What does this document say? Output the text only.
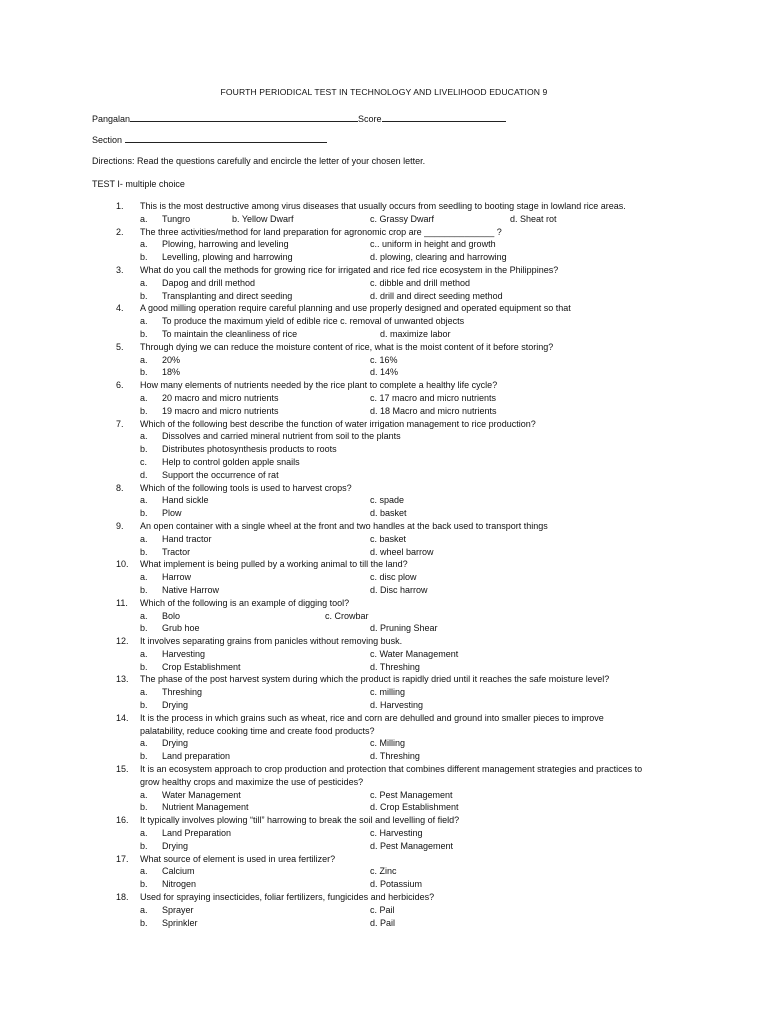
FOURTH PERIODICAL TEST IN TECHNOLOGY AND LIVELIHOOD EDUCATION 9
Pangalan	Score
Section
Directions: Read the questions carefully and encircle the letter of your chosen letter.
TEST I- multiple choice
1. This is the most destructive among virus diseases that usually occurs from seedling to booting stage in lowland rice areas.
a. Tungro	b. Yellow Dwarf	c. Grassy Dwarf	d. Sheat rot
2. The three activities/method for land preparation for agronomic crop are ______________ ?
a. Plowing, harrowing and leveling	c.. uniform in height and growth
b. Levelling, plowing and harrowing	d. plowing, clearing and harrowing
3. What do you call the methods for growing rice for irrigated and rice fed rice ecosystem in the Philippines?
a. Dapog and drill method	c. dibble and drill method
b. Transplanting and direct seeding	d. drill and direct seeding method
4. A good milling operation require careful planning and use properly designed and operated equipment so that
a. To produce the maximum yield of edible rice c. removal of unwanted objects
b. To maintain the cleanliness of rice	d. maximize labor
5. Through dying we can reduce the moisture content of rice, what is the moist content of it before storing?
a. 20%	c. 16%
b. 18%	d. 14%
6. How many elements of nutrients needed by the rice plant to complete a healthy life cycle?
a. 20 macro and micro nutrients	c. 17 macro and micro nutrients
b. 19 macro and micro nutrients	d. 18 Macro and micro nutrients
7. Which of the following best describe the function of water irrigation management to rice production?
a. Dissolves and carried mineral nutrient from soil to the plants
b. Distributes photosynthesis products to roots
c. Help to control golden apple snails
d. Support the occurrence of rat
8. Which of the following tools is used to harvest crops?
a. Hand sickle	c. spade
b. Plow	d. basket
9. An open container with a single wheel at the front and two handles at the back used to transport things
a. Hand tractor	c. basket
b. Tractor	d. wheel barrow
10. What implement is being pulled by a working animal to till the land?
a. Harrow	c. disc plow
b. Native Harrow	d. Disc harrow
11. Which of the following is an example of digging tool?
a. Bolo	c. Crowbar
b. Grub hoe	d. Pruning Shear
12. It involves separating grains from panicles without removing busk.
a. Harvesting	c. Water Management
b. Crop Establishment	d. Threshing
13. The phase of the post harvest system during which the product is rapidly dried until it reaches the safe moisture level?
a. Threshing	c. milling
b. Drying	d. Harvesting
14. It is the process in which grains such as wheat, rice and corn are dehulled and ground into smaller pieces to improve
palatability, reduce cooking time and create food products?
a. Drying	c. Milling
b. Land preparation	d. Threshing
15. It is an ecosystem approach to crop production and protection that combines different management strategies and practices to
grow healthy crops and maximize the use of pesticides?
a. Water Management	c. Pest Management
b. Nutrient Management	d. Crop Establishment
16. It typically involves plowing “till” harrowing to break the soil and levelling of field?
a. Land Preparation	c. Harvesting
b. Drying	d. Pest Management
17. What source of element is used in urea fertilizer?
a. Calcium	c. Zinc
b. Nitrogen	d. Potassium
18. Used for spraying insecticides, foliar fertilizers, fungicides and herbicides?
a. Sprayer	c. Pail
b. Sprinkler	d. Pail
